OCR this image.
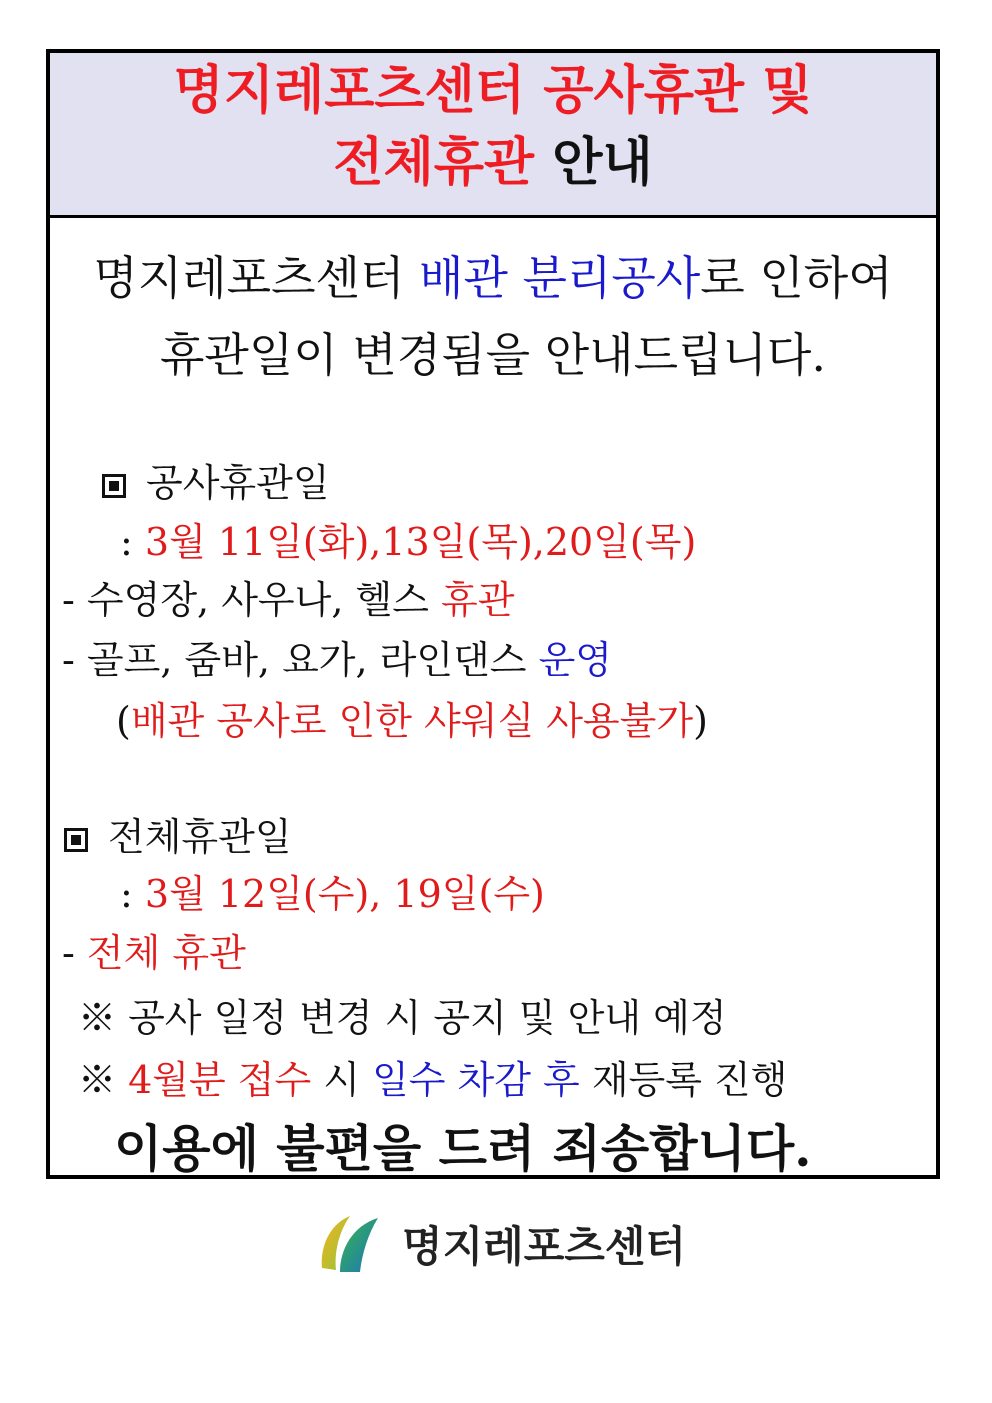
명지레포츠센터 공사휴관 및
전체휴관 안내
명지레포츠센터 배관 분리공사로 인하여
휴관일이 변경됨을 안내드립니다.
공사휴관일
: 3월 11일(화),13일(목),20일(목)
- 수영장, 사우나, 헬스 휴관
- 골프, 줌바, 요가, 라인댄스 운영
(배관 공사로 인한 샤워실 사용불가)
전체휴관일
: 3월 12일(수), 19일(수)
- 전체 휴관
※ 공사 일정 변경 시 공지 및 안내 예정
※ 4월분 접수 시 일수 차감 후 재등록 진행
이용에 불편을 드려 죄송합니다.
명지레포츠센터
